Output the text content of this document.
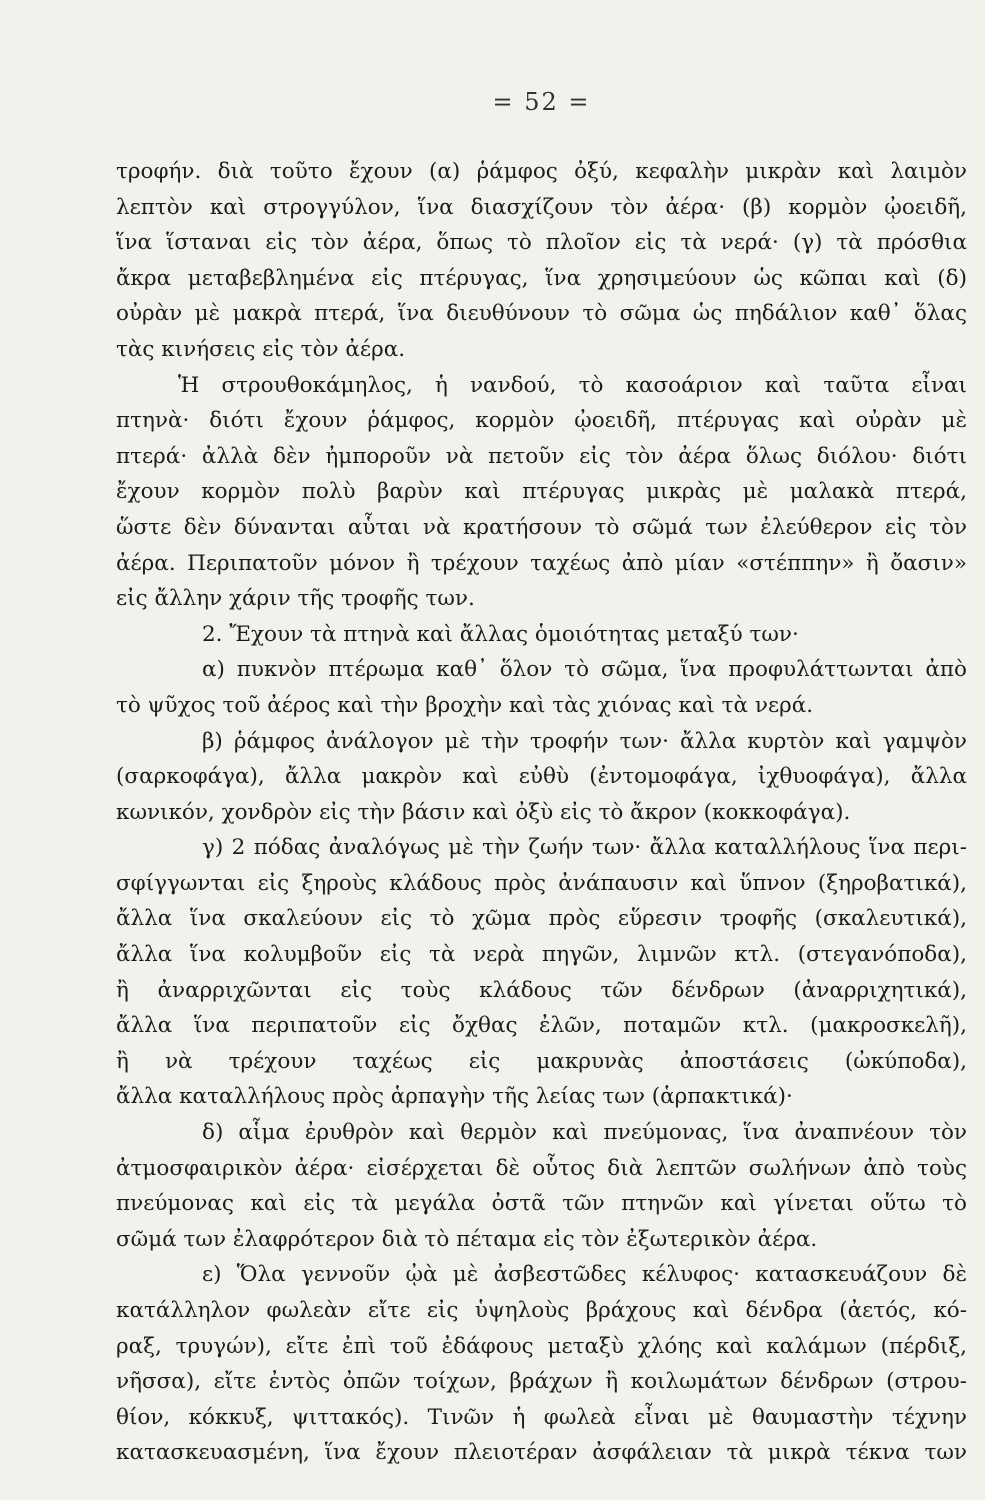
= 52 =
τροφήν. διὰ τοῦτο ἔχουν (α) ῥάμφος ὀξύ, κεφαλὴν μικρὰν καὶ λαιμὸν
λεπτὸν καὶ στρογγύλον, ἵνα διασχίζουν τὸν ἀέρα· (β) κορμὸν ᾠοειδῆ,
ἵνα ἵσταναι εἰς τὸν ἀέρα, ὅπως τὸ πλοῖον εἰς τὰ νερά· (γ) τὰ πρόσθια
ἄκρα μεταβεβλημένα εἰς πτέρυγας, ἵνα χρησιμεύουν ὡς κῶπαι καὶ (δ)
οὐρὰν μὲ μακρὰ πτερά, ἵνα διευθύνουν τὸ σῶμα ὡς πηδάλιον καθ᾽ ὅλας
τὰς κινήσεις εἰς τὸν ἀέρα.
Ἡ στρουθοκάμηλος, ἡ νανδού, τὸ κασοάριον καὶ ταῦτα εἶναι
πτηνὰ· διότι ἔχουν ῥάμφος, κορμὸν ᾠοειδῆ, πτέρυγας καὶ οὐρὰν μὲ
πτερά· ἀλλὰ δὲν ἠμποροῦν νὰ πετοῦν εἰς τὸν ἀέρα ὅλως διόλου· διότι
ἔχουν κορμὸν πολὺ βαρὺν καὶ πτέρυγας μικρὰς μὲ μαλακὰ πτερά,
ὥστε δὲν δύνανται αὗται νὰ κρατήσουν τὸ σῶμά των ἐλεύθερον εἰς τὸν
ἀέρα. Περιπατοῦν μόνον ἢ τρέχουν ταχέως ἀπὸ μίαν «στέππην» ἢ ὄασιν»
εἰς ἄλλην χάριν τῆς τροφῆς των.
2. Ἔχουν τὰ πτηνὰ καὶ ἄλλας ὁμοιότητας μεταξύ των·
α) πυκνὸν πτέρωμα καθ᾽ ὅλον τὸ σῶμα, ἵνα προφυλάττωνται ἀπὸ
τὸ ψῦχος τοῦ ἀέρος καὶ τὴν βροχὴν καὶ τὰς χιόνας καὶ τὰ νερά.
β) ῥάμφος ἀνάλογον μὲ τὴν τροφήν των· ἄλλα κυρτὸν καὶ γαμψὸν
(σαρκοφάγα), ἄλλα μακρὸν καὶ εὐθὺ (ἐντομοφάγα, ἰχθυοφάγα), ἄλλα
κωνικόν, χονδρὸν εἰς τὴν βάσιν καὶ ὀξὺ εἰς τὸ ἄκρον (κοκκοφάγα).
γ) 2 πόδας ἀναλόγως μὲ τὴν ζωήν των· ἄλλα καταλλήλους ἵνα περι-
σφίγγωνται εἰς ξηροὺς κλάδους πρὸς ἀνάπαυσιν καὶ ὕπνον (ξηροβατικά),
ἄλλα ἵνα σκαλεύουν εἰς τὸ χῶμα πρὸς εὕρεσιν τροφῆς (σκαλευτικά),
ἄλλα ἵνα κολυμβοῦν εἰς τὰ νερὰ πηγῶν, λιμνῶν κτλ. (στεγανόποδα),
ἢ ἀναρριχῶνται εἰς τοὺς κλάδους τῶν δένδρων (ἀναρριχητικά),
ἄλλα ἵνα περιπατοῦν εἰς ὄχθας ἐλῶν, ποταμῶν κτλ. (μακροσκελῆ),
ἢ νὰ τρέχουν ταχέως εἰς μακρυνὰς ἀποστάσεις (ὠκύποδα),
ἄλλα καταλλήλους πρὸς ἁρπαγὴν τῆς λείας των (ἁρπακτικά)·
δ) αἷμα ἐρυθρὸν καὶ θερμὸν καὶ πνεύμονας, ἵνα ἀναπνέουν τὸν
ἀτμοσφαιρικὸν ἀέρα· εἰσέρχεται δὲ οὗτος διὰ λεπτῶν σωλήνων ἀπὸ τοὺς
πνεύμονας καὶ εἰς τὰ μεγάλα ὀστᾶ τῶν πτηνῶν καὶ γίνεται οὕτω τὸ
σῶμά των ἐλαφρότερον διὰ τὸ πέταμα εἰς τὸν ἐξωτερικὸν ἀέρα.
ε) Ὅλα γεννοῦν ᾠὰ μὲ ἀσβεστῶδες κέλυφος· κατασκευάζουν δὲ
κατάλληλον φωλεὰν εἴτε εἰς ὑψηλοὺς βράχους καὶ δένδρα (ἀετός, κό-
ραξ, τρυγών), εἴτε ἐπὶ τοῦ ἐδάφους μεταξὺ χλόης καὶ καλάμων (πέρδιξ,
νῆσσα), εἴτε ἐντὸς ὀπῶν τοίχων, βράχων ἢ κοιλωμάτων δένδρων (στρου-
θίον, κόκκυξ, ψιττακός). Τινῶν ἡ φωλεὰ εἶναι μὲ θαυμαστὴν τέχνην
κατασκευασμένη, ἵνα ἔχουν πλειοτέραν ἀσφάλειαν τὰ μικρὰ τέκνα των
